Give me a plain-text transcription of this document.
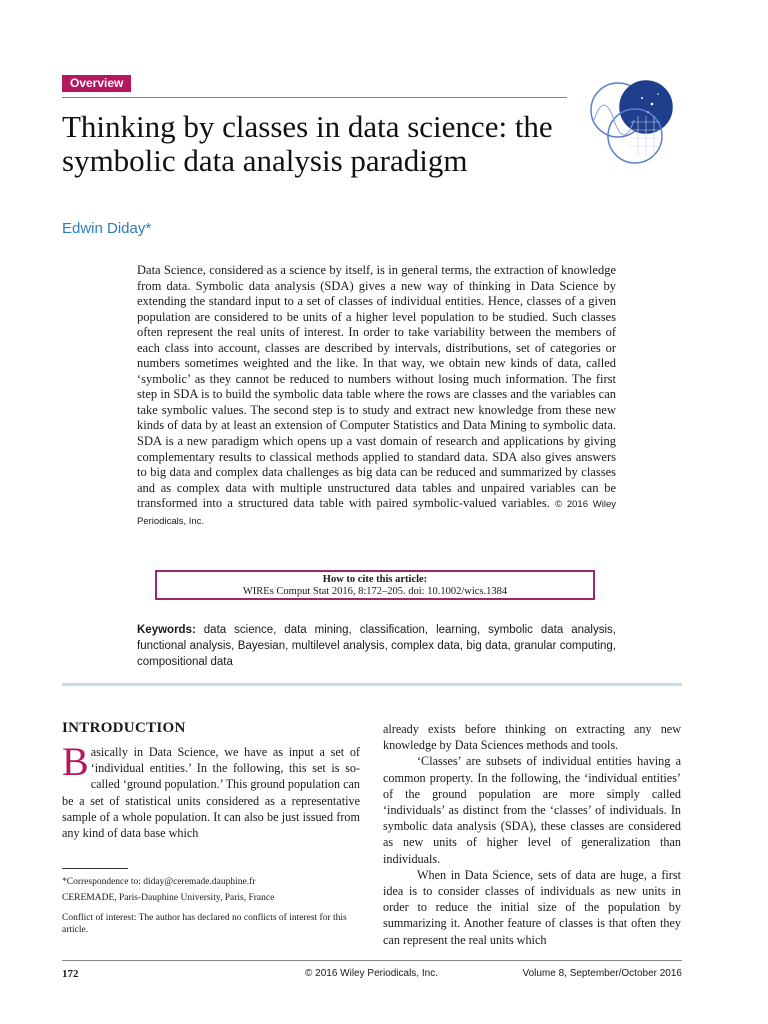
Overview
Thinking by classes in data science: the symbolic data analysis paradigm

Edwin Diday*

Data Science, considered as a science by itself, is in general terms, the extraction of knowledge from data. Symbolic data analysis (SDA) gives a new way of thinking in Data Science by extending the standard input to a set of classes of individual entities. Hence, classes of a given population are considered to be units of a higher level population to be studied. Such classes often represent the real units of interest. In order to take variability between the members of each class into account, classes are described by intervals, distributions, set of categories or numbers sometimes weighted and the like. In that way, we obtain new kinds of data, called ‘symbolic’ as they cannot be reduced to numbers without losing much information. The first step in SDA is to build the symbolic data table where the rows are classes and the variables can take symbolic values. The second step is to study and extract new knowledge from these new kinds of data by at least an extension of Computer Statistics and Data Mining to symbolic data. SDA is a new paradigm which opens up a vast domain of research and applications by giving complementary results to classical methods applied to standard data. SDA also gives answers to big data and complex data challenges as big data can be reduced and summarized by classes and as complex data with multiple unstructured data tables and unpaired variables can be transformed into a structured data table with paired symbolic-valued variables. © 2016 Wiley Periodicals, Inc.

How to cite this article:
WIREs Comput Stat 2016, 8:172–205. doi: 10.1002/wics.1384

Keywords: data science, data mining, classification, learning, symbolic data analysis, functional analysis, Bayesian, multilevel analysis, complex data, big data, granular computing, compositional data

INTRODUCTION

Basically in Data Science, we have as input a set of ‘individual entities.’ In the following, this set is so-called ‘ground population.’ This ground population can be a set of statistical units considered as a representative sample of a whole population. It can also be just issued from any kind of data base which

already exists before thinking on extracting any new knowledge by Data Sciences methods and tools.

‘Classes’ are subsets of individual entities having a common property. In the following, the ‘individual entities’ of the ground population are more simply called ‘individuals’ as distinct from the ‘classes’ of individuals. In symbolic data analysis (SDA), these classes are considered as new units of higher level of generalization than individuals.

When in Data Science, sets of data are huge, a first idea is to consider classes of individuals as new units in order to reduce the initial size of the population by summarizing it. Another feature of classes is that often they can represent the real units which

*Correspondence to: diday@ceremade.dauphine.fr

CEREMADE, Paris-Dauphine University, Paris, France

Conflict of interest: The author has declared no conflicts of interest for this article.

172	© 2016 Wiley Periodicals, Inc.	Volume 8, September/October 2016
